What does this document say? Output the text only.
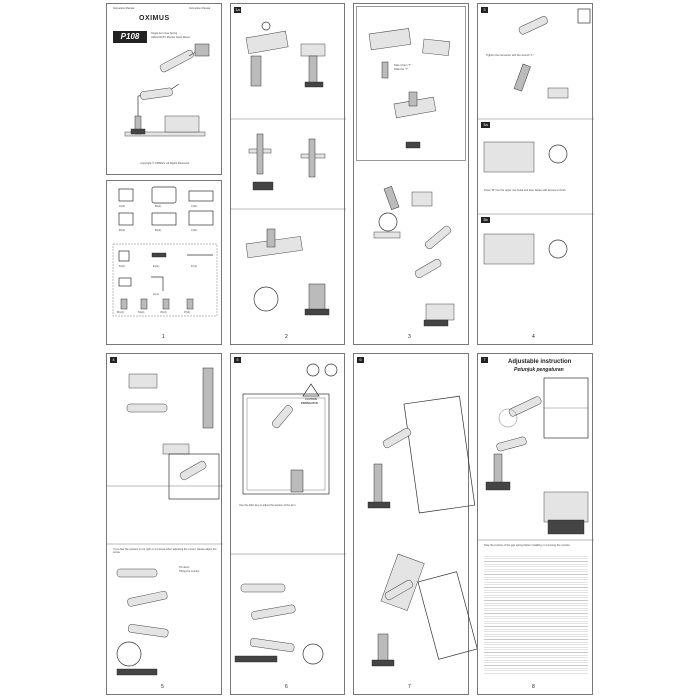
Instruction Manual	Instruction Manual
OXIMUS
P108	Single Arm Gas Spring
LED/LCD/TV Monitor Desk Mount
Copyright © OXIMUS. All Rights Reserved.
1a
2
Take it from "T"
Slide the "T"
3
3
3a
3b
Tighten the connector with the wrench "L"
Press "B" into the upper two holes and then fasten with screws to finish.
4
A(x1)	B(x1)	C(x1)
B(x1)	B(x1)	C(x1)
D(x1)	E(x1)	F(x1)
L(x1)
M(x4)	N(x4)	O(x4)	P(x4)
1
4
If you feel the position is not right or too loose when adjusting the mount, please adjust the screw.
Tilt down
Tilting the monitor
5
5
CAUTION
PERINGATAN
Use the Allen key to adjust the tension of the arm.
6
6
7
7	Adjustable instruction
Petunjuk pengaturan
Note the tension of the gas spring before installing or removing the monitor.
8
